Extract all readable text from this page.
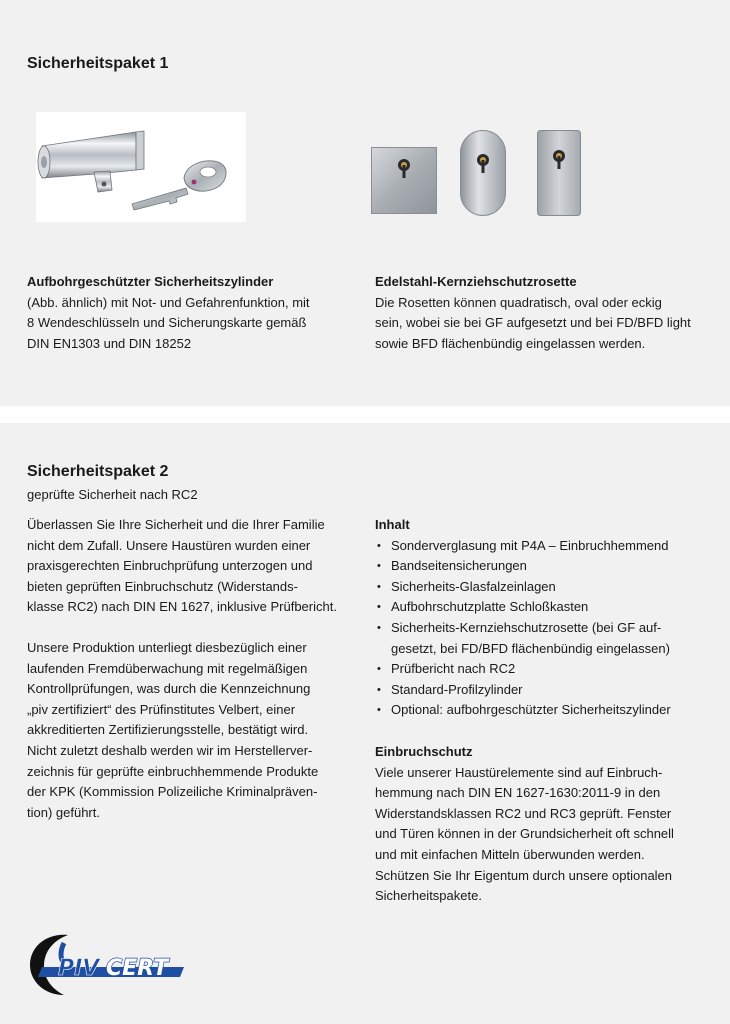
Sicherheitspaket 1
Aufbohrgeschützter Sicherheitszylinder
(Abb. ähnlich) mit Not- und Gefahrenfunktion, mit
8 Wendeschlüsseln und Sicherungskarte gemäß
DIN EN1303 und DIN 18252
Edelstahl-Kernziehschutzrosette
Die Rosetten können quadratisch, oval oder eckig
sein, wobei sie bei GF aufgesetzt und bei FD/BFD light
sowie BFD flächenbündig eingelassen werden.
Sicherheitspaket 2
geprüfte Sicherheit nach RC2
Überlassen Sie Ihre Sicherheit und die Ihrer Familie
nicht dem Zufall. Unsere Haustüren wurden einer
praxisgerechten Einbruchprüfung unterzogen und
bieten geprüften Einbruchschutz (Widerstands-
klasse RC2) nach DIN EN 1627, inklusive Prüfbericht.
Unsere Produktion unterliegt diesbezüglich einer
laufenden Fremdüberwachung mit regelmäßigen
Kontrollprüfungen, was durch die Kennzeichnung
„piv zertifiziert“ des Prüfinstitutes Velbert, einer
akkreditierten Zertifizierungsstelle, bestätigt wird.
Nicht zuletzt deshalb werden wir im Herstellerver-
zeichnis für geprüfte einbruchhemmende Produkte
der KPK (Kommission Polizeiliche Kriminalpräven-
tion) geführt.
Inhalt
• Sonderverglasung mit P4A – Einbruchhemmend
• Bandseitensicherungen
• Sicherheits-Glasfalzeinlagen
• Aufbohrschutzplatte Schloßkasten
• Sicherheits-Kernziehschutzrosette (bei GF auf-
gesetzt, bei FD/BFD flächenbündig eingelassen)
• Prüfbericht nach RC2
• Standard-Profilzylinder
• Optional: aufbohrgeschützter Sicherheitszylinder
Einbruchschutz
Viele unserer Haustürelemente sind auf Einbruch-
hemmung nach DIN EN 1627-1630:2011-9 in den
Widerstandsklassen RC2 und RC3 geprüft. Fenster
und Türen können in der Grundsicherheit oft schnell
und mit einfachen Mitteln überwunden werden.
Schützen Sie Ihr Eigentum durch unsere optionalen
Sicherheitspakete.
PIV CERT
